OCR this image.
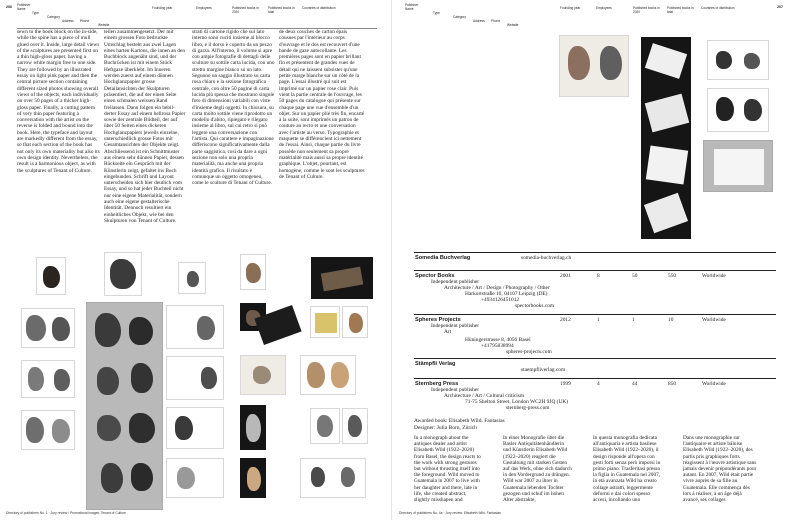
206 Publisher
Name
Type
Category
Address Phone
Website
Founding year	Employees	Published books in 2020
Published books in total
Countries of distribution
sewn to the book block on the in-side, while the spine has a piece of mull glued over it. Inside, large detail views of the sculptures are presented first on a thin high-gloss paper, having a narrow white margin free to one side. They are followed by an illustrated essay on light pink paper and then the central picture section containing different sized photos showing overall views of the objects, each individually on over 50 pages of a thicker high-gloss paper. Finally, a cutting pattern of very thin paper featuring a conversation with the artist on the reverse is folded and bound into the book. Here, the typeface and layout are markedly different from the essay, so that each section of the book has not only its own materiality but also its own design identity. Nevertheless, the result is a harmonious object, as with the sculptures of Tenant of Culture.
teilen zusammengesetzt. Der mit einem grossen Foto bedruckte Umschlag besteht aus zwei Lagen eines harten Kartons, die innen an den Buchblock angenäht sind, und der Buchrücken ist mit einem Stück Heftgaze überklebt. Im Inneren werden zuerst auf einem dünnen Hochglanzpapier grosse Detailansichten der Skulpturen präsentiert, die auf der einen Seite einen schmalen weissen Rand freilassen. Dann folgen ein bebil-derter Essay auf einem hellrosa Papier sowie der zentrale Bildteil, der auf über 50 Seiten eines dickeren Hochglanzpapiers jeweils einzelne, unterschiedlich grosse Fotos mit Gesamtansichten der Objekte zeigt. Abschliessend ist ein Schnittmuster aus einem sehr dünnen Papier, dessen Rückseite ein Gespräch mit der Künstlerin zeigt, gefaltet ins Buch eingebunden. Schrift und Layout unterscheiden sich hier deutlich vom Essay, und so hat jeder Buchteil nicht nur eine eigene Materialität, sondern auch eine eigene gestalterische Identität. Dennoch resultiert ein einheitliches Objekt, wie bei den Skulpturen von Tenant of Culture.
strati di cartone rigido che sul lato interno sono cuciti insieme al blocco libro, e il dorso è coperto da un pezzo di garza. All'interno, il volume si apre con ampie fotografie di dettagli delle sculture su sottile carta lucida, con uno stretto margine bianco su un lato. Seguono un saggio illustrato su carta rosa chiaro e la sezione fotografica centrale, con oltre 50 pagine di carta lucida più spessa che mostrano singole foto di dimensioni variabili con viste d'insieme degli oggetti. In chiusura, su carta molto sottile viene riprodotto un modello d'abito, ripiegato e rilegato insieme al libro, sul cui retro si può leggere una conversazione con l'artista. Qui carattere e impaginazione differiscono significativamente dalla parte saggistica, così da dare a ogni sezione non solo una propria materialità, ma anche una propria identità grafica. Il risultato è comunque un oggetto omogeneo, come le sculture di Tenant of Culture.
de deux couches de carton épais cousues par l'intérieur au corps d'ouvrage et le dos est recouvert d'une bande de gaze autocollante. Les premières pages sont en papier brillant fin et présentent de grandes vues de détail qui ne laissent subsister qu'une petite marge blanche sur un côté de la page. L'essai illustré qui suit est imprimé sur un papier rose clair. Puis vient la partie centrale de l'ouvrage, les 50 pages du catalogue qui présente sur chaque page une vue d'ensemble d'un objet. Sur un papier plié très fin, encarté à la suite, sont imprimés un patron de couture au recto et une conversation avec l'artiste au verso. Typographie et maquette se différencient ici nettement de l'essai. Ainsi, chaque partie du livre possède non seulement sa propre matérialité mais aussi sa propre identité graphique. L'objet, pourtant, est homogène, comme le sont les sculptures de Tenant of Culture.
Directory of publishers No. 1 · Jury review / Promotional images: Tenant of Culture
207
Publisher
Name
Type
Category
Address Phone
Website
Founding year	Employees	Published books in 2020
Published books in total
Countries of distribution
Somedia Buchverlag	somedia-buchverlag.ch
Spector Books	2001	8	50	550	Worldwide
Independent publisher
Architecture / Art / Design / Photography / Other
Harkortstraße 10, 04107 Leipzig (DE)
+4934126451012
spectorbooks.com
Spheres Projects	2012	1	1	10	Worldwide
Independent publisher
Art
Hüningerstrasse 8, 4056 Basel
+41795838994
spheres-projects.com
Stämpfli Verlag
staempfliverlag.com
Sternberg Press	1999	4	44	850	Worldwide
Independent publisher
Architecture / Art / Cultural criticism
71-75 Shelton Street, London WC2H 9JQ (UK)
sternberg-press.com
Awarded book: Elisabeth Wild. Fantasias
Designer: Julia Born, Zürich
In a monograph about the antiques dealer and artist Elisabeth Wild (1922–2020) from Basel, the design reacts to the work with strong gestures but without thrusting itself into the foreground. Wild moved to Guatemala in 2007 to live with her daughter and there, late in life, she created abstract, slightly misshapen and
In einer Monografie über die Basler Antiquitätenhändlerin und Künstlerin Elisabeth Wild (1922–2020) reagiert die Gestaltung mit starken Gesten auf das Werk, ohne sich dadurch in den Vordergrund zu drängen. Wild war 2007 zu ihrer in Guatemala lebenden Tochter gezogen und schuf im hohen Alter abstrakte,
In questa monografia dedicata all'antiquaria e artista basilese Elisabeth Wild (1922–2020), il design risponde all'opera con gesti forti senza però imporsi in primo piano. Trasferitasi presso la figlia in Guatemala nel 2007, in età avanzata Wild ha creato collage astratti, leggermente deformi e dai colori spesso accesi, incollando uno
Dans une monographie sur l'antiquaire et artiste bâloise Elisabeth Wild (1922–2020), des partis pris graphiques forts réagissent à l'œuvre artistique sans jamais devenir prépondérants pour autant. En 2007, Wild était partie vivre auprès de sa fille au Guatemala. Elle commença dès lors à réaliser, à un âge déjà avancé, ses collages
Directory of publishers No. 4a · Jury review: Elisabeth Wild. Fantasias
